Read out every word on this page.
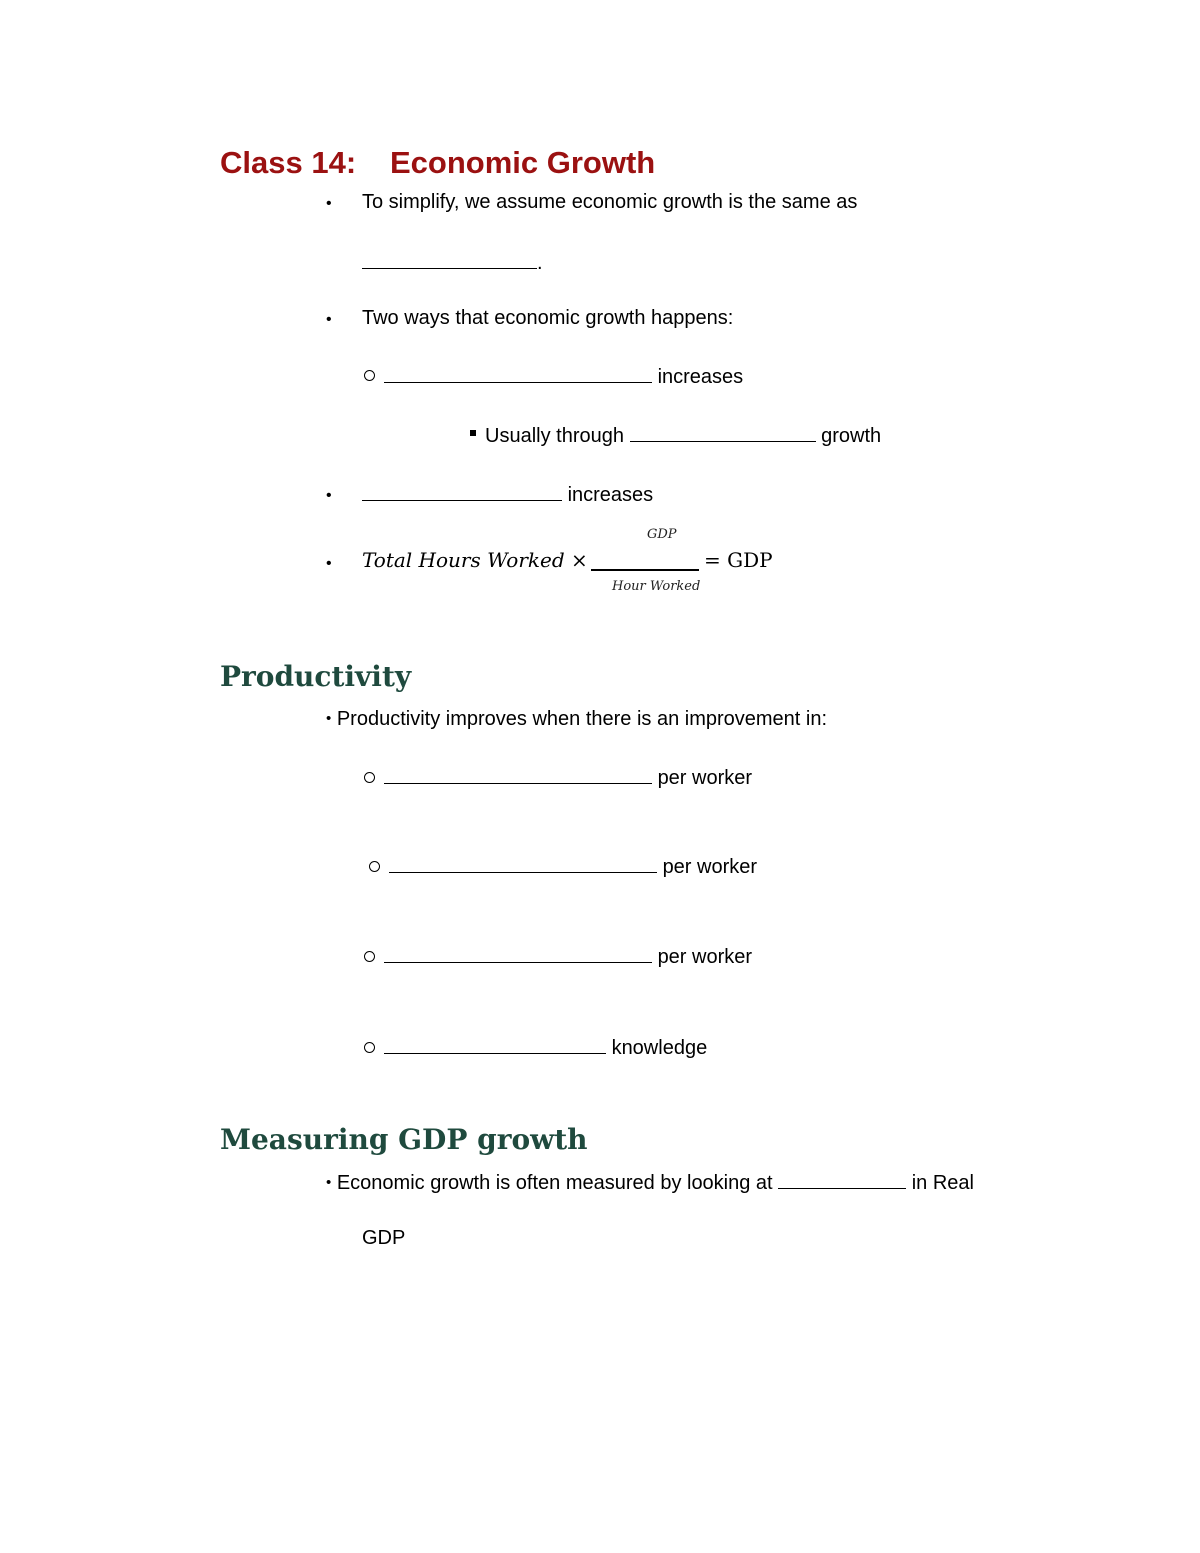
Class 14: Economic Growth
• To simplify, we assume economic growth is the same as
.
• Two ways that economic growth happens:
increases
Usually through	growth
•	increases
• Total Hours Worked ×
GDP
Hour Worked
= GDP
Productivity
• Productivity improves when there is an improvement in:
per worker
per worker
per worker
knowledge
Measuring GDP growth
• Economic growth is often measured by looking at	in Real
GDP
